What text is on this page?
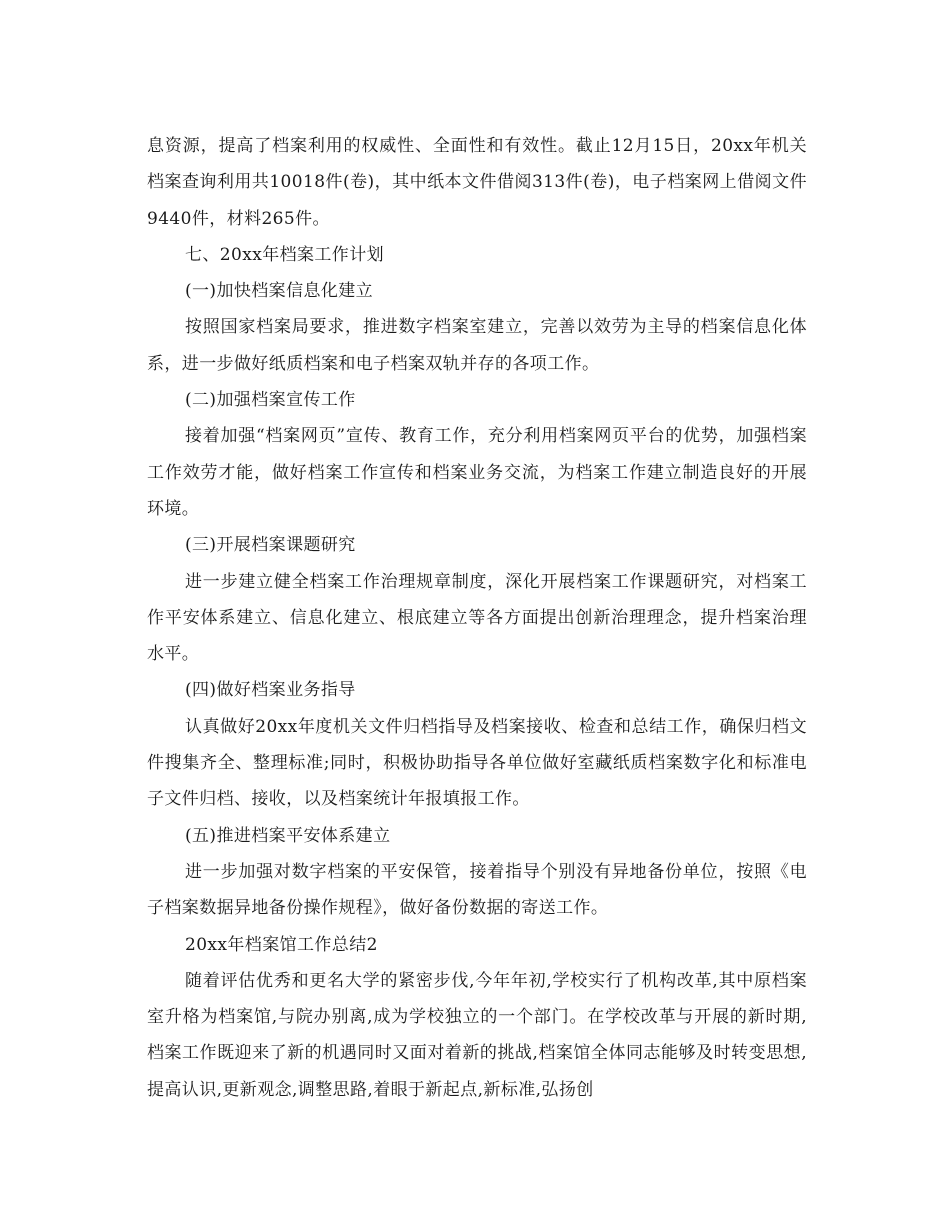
息资源，提高了档案利用的权威性、全面性和有效性。截止12月15日，20xx年机关档案查询利用共10018件(卷)，其中纸本文件借阅313件(卷)，电子档案网上借阅文件9440件，材料265件。

七、20xx年档案工作计划

(一)加快档案信息化建立

按照国家档案局要求，推进数字档案室建立，完善以效劳为主导的档案信息化体系，进一步做好纸质档案和电子档案双轨并存的各项工作。

(二)加强档案宣传工作

接着加强“档案网页”宣传、教育工作，充分利用档案网页平台的优势，加强档案工作效劳才能，做好档案工作宣传和档案业务交流，为档案工作建立制造良好的开展环境。

(三)开展档案课题研究

进一步建立健全档案工作治理规章制度，深化开展档案工作课题研究，对档案工作平安体系建立、信息化建立、根底建立等各方面提出创新治理理念，提升档案治理水平。

(四)做好档案业务指导

认真做好20xx年度机关文件归档指导及档案接收、检查和总结工作，确保归档文件搜集齐全、整理标准;同时，积极协助指导各单位做好室藏纸质档案数字化和标准电子文件归档、接收，以及档案统计年报填报工作。

(五)推进档案平安体系建立

进一步加强对数字档案的平安保管，接着指导个别没有异地备份单位，按照《电子档案数据异地备份操作规程》，做好备份数据的寄送工作。

20xx年档案馆工作总结2

随着评估优秀和更名大学的紧密步伐,今年年初,学校实行了机构改革,其中原档案室升格为档案馆,与院办别离,成为学校独立的一个部门。在学校改革与开展的新时期,档案工作既迎来了新的机遇同时又面对着新的挑战,档案馆全体同志能够及时转变思想,提高认识,更新观念,调整思路,着眼于新起点,新标准,弘扬创
